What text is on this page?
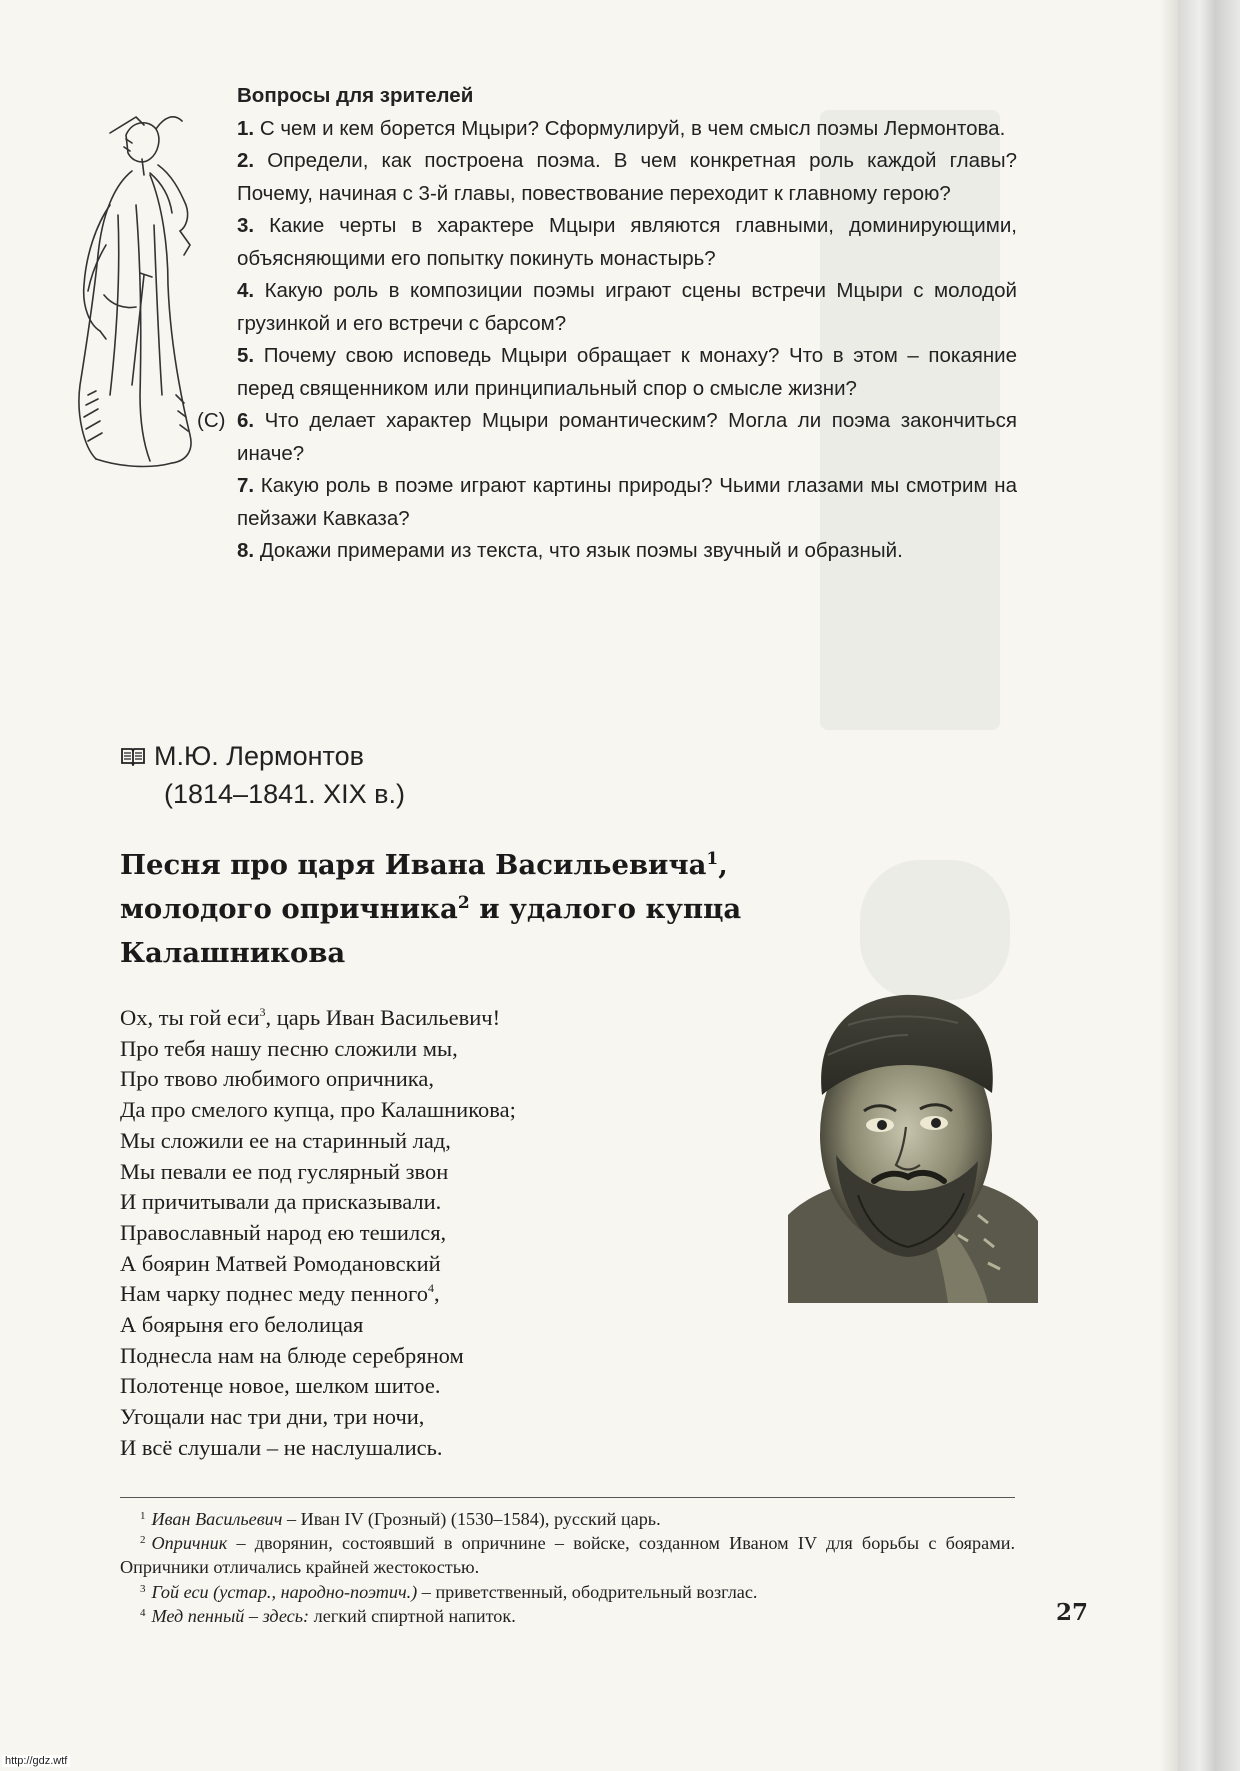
Вопросы для зрителей
1. С чем и кем борется Мцыри? Сформулируй, в чем смысл поэмы Лермонтова.
2. Определи, как построена поэма. В чем конкретная роль каждой главы? Почему, начиная с 3-й главы, повествование переходит к главному герою?
3. Какие черты в характере Мцыри являются главными, доминирующими, объясняющими его попытку покинуть монастырь?
4. Какую роль в композиции поэмы играют сцены встречи Мцыри с молодой грузинкой и его встречи с барсом?
5. Почему свою исповедь Мцыри обращает к монаху? Что в этом – покаяние перед священником или принципиальный спор о смысле жизни?
(С) 6. Что делает характер Мцыри романтическим? Могла ли поэма закончиться иначе?
7. Какую роль в поэме играют картины природы? Чьими глазами мы смотрим на пейзажи Кавказа?
8. Докажи примерами из текста, что язык поэмы звучный и образный.
М.Ю. Лермонтов
(1814–1841. XIX в.)
Песня про царя Ивана Васильевича$^1$,
молодого опричника$^2$ и удалого купца
Калашникова
Ох, ты гой еси$^3$, царь Иван Васильевич!
Про тебя нашу песню сложили мы,
Про твово любимого опричника,
Да про смелого купца, про Калашникова;
Мы сложили ее на старинный лад,
Мы певали ее под гуслярный звон
И причитывали да присказывали.
Православный народ ею тешился,
А боярин Матвей Ромодановский
Нам чарку поднес меду пенного$^4$,
А боярыня его белолицая
Поднесла нам на блюде серебряном
Полотенце новое, шелком шитое.
Угощали нас три дни, три ночи,
И всё слушали – не наслушались.
$^1$ Иван Васильевич – Иван IV (Грозный) (1530–1584), русский царь.
$^2$ Опричник – дворянин, состоявший в опричнине – войске, созданном Иваном IV для борьбы с боярами. Опричники отличались крайней жестокостью.
$^3$ Гой еси (устар., народно-поэтич.) – приветственный, ободрительный возглас.
$^4$ Мед пенный – здесь: легкий спиртной напиток.	27
http://gdz.wtf
